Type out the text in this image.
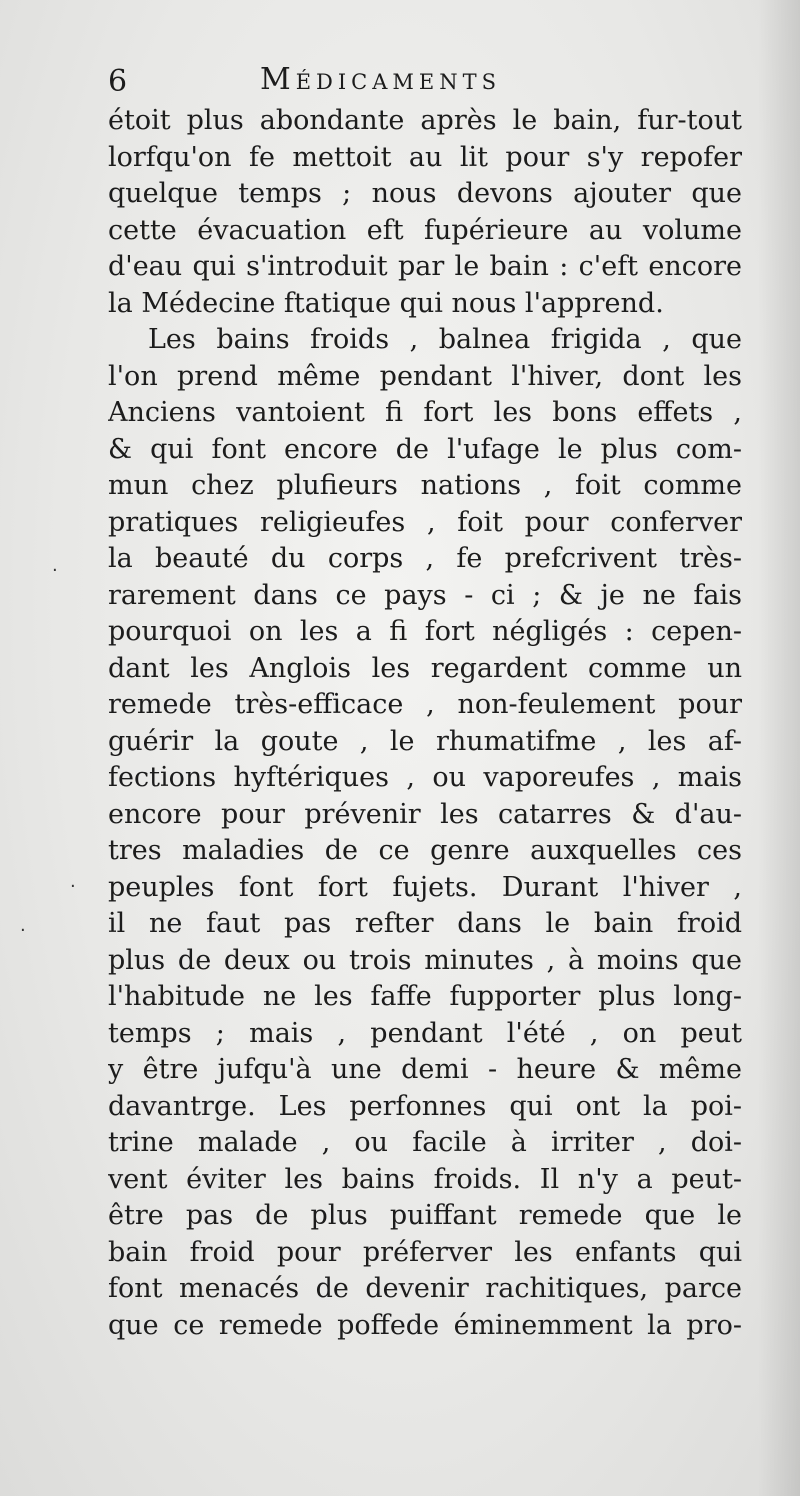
6	Médicaments
étoit plus abondante après le bain, fur-tout
lorfqu'on fe mettoit au lit pour s'y repofer
quelque temps ; nous devons ajouter que
cette évacuation eft fupérieure au volume
d'eau qui s'introduit par le bain : c'eft encore
la Médecine ftatique qui nous l'apprend.
Les bains froids , balnea frigida , que
l'on prend même pendant l'hiver, dont les
Anciens vantoient fi fort les bons effets ,
& qui font encore de l'ufage le plus com-
mun chez plufieurs nations , foit comme
pratiques religieufes , foit pour conferver
la beauté du corps , fe prefcrivent très-
rarement dans ce pays - ci ; & je ne fais
pourquoi on les a fi fort négligés : cepen-
dant les Anglois les regardent comme un
remede très-efficace , non-feulement pour
guérir la goute , le rhumatifme , les af-
fections hyftériques , ou vaporeufes , mais
encore pour prévenir les catarres & d'au-
tres maladies de ce genre auxquelles ces
peuples font fort fujets. Durant l'hiver ,
il ne faut pas refter dans le bain froid
plus de deux ou trois minutes , à moins que
l'habitude ne les faffe fupporter plus long-
temps ; mais , pendant l'été , on peut
y être jufqu'à une demi - heure & même
davantrge. Les perfonnes qui ont la poi-
trine malade , ou facile à irriter , doi-
vent éviter les bains froids. Il n'y a peut-
être pas de plus puiffant remede que le
bain froid pour préferver les enfants qui
font menacés de devenir rachitiques, parce
que ce remede poffede éminemment la pro-
·
·
·
